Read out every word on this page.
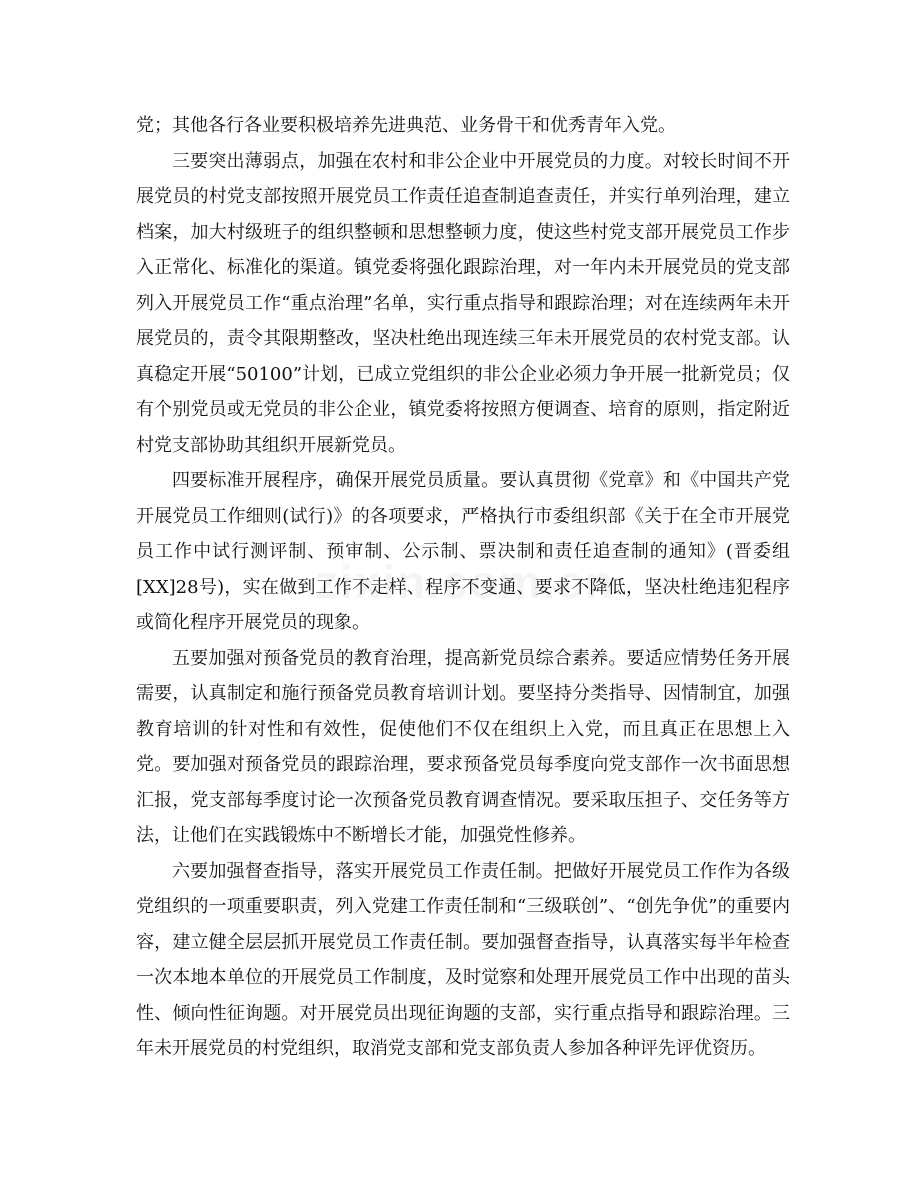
党；其他各行各业要积极培养先进典范、业务骨干和优秀青年入党。

三要突出薄弱点，加强在农村和非公企业中开展党员的力度。对较长时间不开展党员的村党支部按照开展党员工作责任追查制追查责任，并实行单列治理，建立档案，加大村级班子的组织整顿和思想整顿力度，使这些村党支部开展党员工作步入正常化、标准化的渠道。镇党委将强化跟踪治理，对一年内未开展党员的党支部列入开展党员工作“重点治理”名单，实行重点指导和跟踪治理；对在连续两年未开展党员的，责令其限期整改，坚决杜绝出现连续三年未开展党员的农村党支部。认真稳定开展“50100”计划，已成立党组织的非公企业必须力争开展一批新党员；仅有个别党员或无党员的非公企业，镇党委将按照方便调查、培育的原则，指定附近村党支部协助其组织开展新党员。

四要标准开展程序，确保开展党员质量。要认真贯彻《党章》和《中国共产党开展党员工作细则(试行)》的各项要求，严格执行市委组织部《关于在全市开展党员工作中试行测评制、预审制、公示制、票决制和责任追查制的通知》(晋委组[XX]28号)，实在做到工作不走样、程序不变通、要求不降低，坚决杜绝违犯程序或简化程序开展党员的现象。

五要加强对预备党员的教育治理，提高新党员综合素养。要适应情势任务开展需要，认真制定和施行预备党员教育培训计划。要坚持分类指导、因情制宜，加强教育培训的针对性和有效性，促使他们不仅在组织上入党，而且真正在思想上入党。要加强对预备党员的跟踪治理，要求预备党员每季度向党支部作一次书面思想汇报，党支部每季度讨论一次预备党员教育调查情况。要采取压担子、交任务等方法，让他们在实践锻炼中不断增长才能，加强党性修养。

六要加强督查指导，落实开展党员工作责任制。把做好开展党员工作作为各级党组织的一项重要职责，列入党建工作责任制和“三级联创”、“创先争优”的重要内容，建立健全层层抓开展党员工作责任制。要加强督查指导，认真落实每半年检查一次本地本单位的开展党员工作制度，及时觉察和处理开展党员工作中出现的苗头性、倾向性征询题。对开展党员出现征询题的支部，实行重点指导和跟踪治理。三年未开展党员的村党组织，取消党支部和党支部负责人参加各种评先评优资历。
